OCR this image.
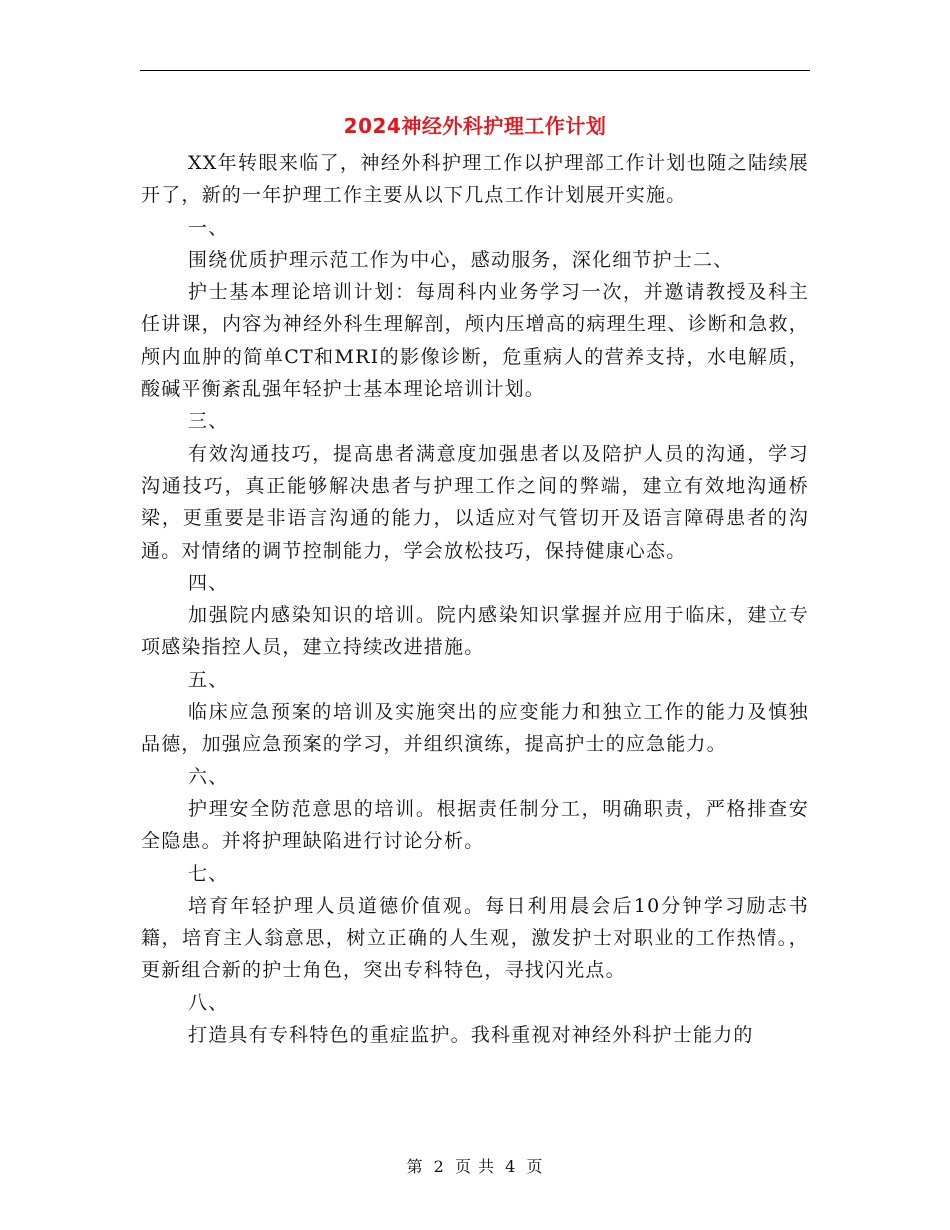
2024神经外科护理工作计划

XX年转眼来临了，神经外科护理工作以护理部工作计划也随之陆续展开了，新的一年护理工作主要从以下几点工作计划展开实施。

一、

围绕优质护理示范工作为中心，感动服务，深化细节护士二、

护士基本理论培训计划：每周科内业务学习一次，并邀请教授及科主任讲课，内容为神经外科生理解剖，颅内压增高的病理生理、诊断和急救，颅内血肿的简单CT和MRI的影像诊断，危重病人的营养支持，水电解质，酸碱平衡紊乱强年轻护士基本理论培训计划。

三、

有效沟通技巧，提高患者满意度加强患者以及陪护人员的沟通，学习沟通技巧，真正能够解决患者与护理工作之间的弊端，建立有效地沟通桥梁，更重要是非语言沟通的能力，以适应对气管切开及语言障碍患者的沟通。对情绪的调节控制能力，学会放松技巧，保持健康心态。

四、

加强院内感染知识的培训。院内感染知识掌握并应用于临床，建立专项感染指控人员，建立持续改进措施。

五、

临床应急预案的培训及实施突出的应变能力和独立工作的能力及慎独品德，加强应急预案的学习，并组织演练，提高护士的应急能力。

六、

护理安全防范意思的培训。根据责任制分工，明确职责，严格排查安全隐患。并将护理缺陷进行讨论分析。

七、

培育年轻护理人员道德价值观。每日利用晨会后10分钟学习励志书籍，培育主人翁意思，树立正确的人生观，激发护士对职业的工作热情。，更新组合新的护士角色，突出专科特色，寻找闪光点。

八、

打造具有专科特色的重症监护。我科重视对神经外科护士能力的

第 2 页 共 4 页
